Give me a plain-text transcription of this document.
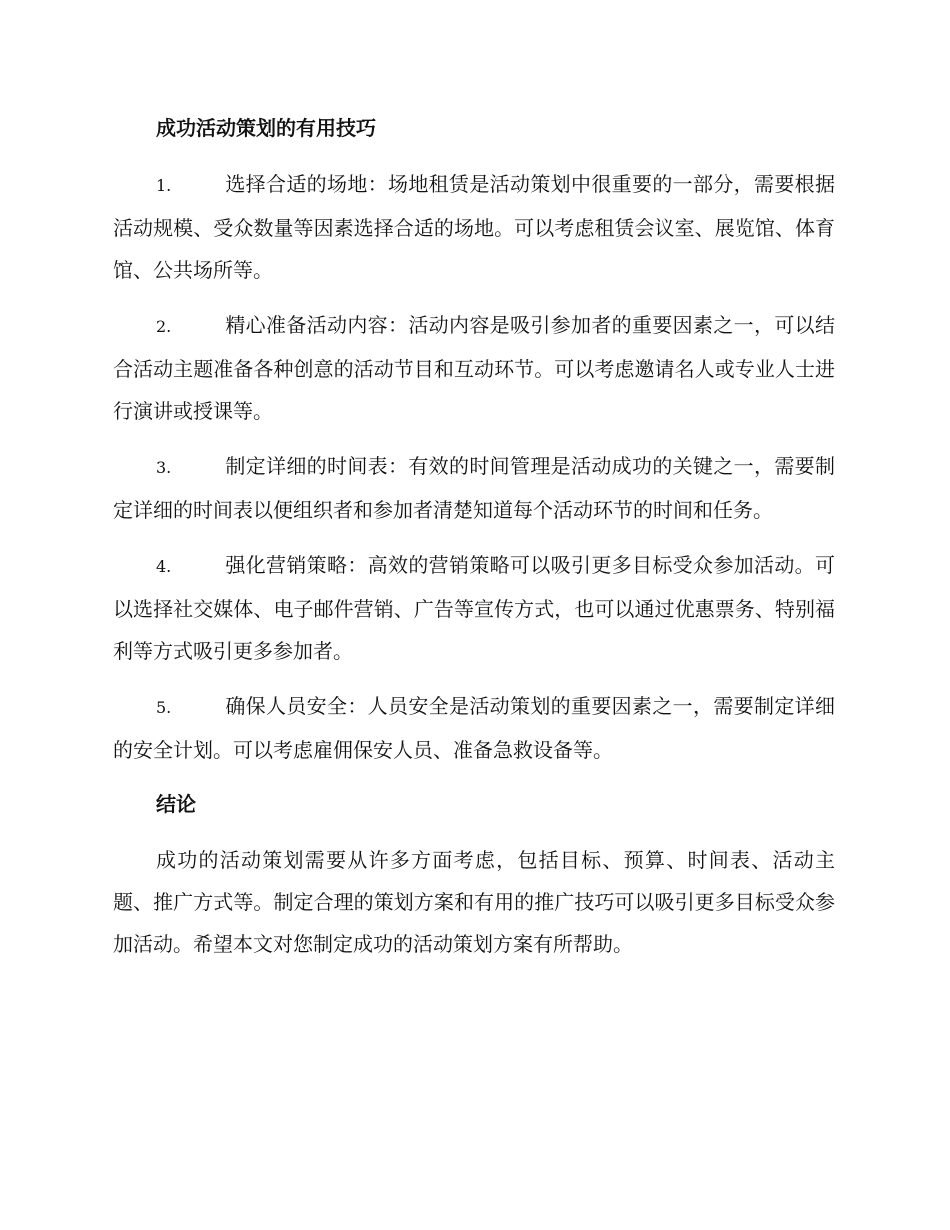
成功活动策划的有用技巧
1.	选择合适的场地：场地租赁是活动策划中很重要的一部分，需要根据活动规模、受众数量等因素选择合适的场地。可以考虑租赁会议室、展览馆、体育馆、公共场所等。
2.	精心准备活动内容：活动内容是吸引参加者的重要因素之一，可以结合活动主题准备各种创意的活动节目和互动环节。可以考虑邀请名人或专业人士进行演讲或授课等。
3.	制定详细的时间表：有效的时间管理是活动成功的关键之一，需要制定详细的时间表以便组织者和参加者清楚知道每个活动环节的时间和任务。
4.	强化营销策略：高效的营销策略可以吸引更多目标受众参加活动。可以选择社交媒体、电子邮件营销、广告等宣传方式，也可以通过优惠票务、特别福利等方式吸引更多参加者。
5.	确保人员安全：人员安全是活动策划的重要因素之一，需要制定详细的安全计划。可以考虑雇佣保安人员、准备急救设备等。
结论

成功的活动策划需要从许多方面考虑，包括目标、预算、时间表、活动主题、推广方式等。制定合理的策划方案和有用的推广技巧可以吸引更多目标受众参加活动。希望本文对您制定成功的活动策划方案有所帮助。
